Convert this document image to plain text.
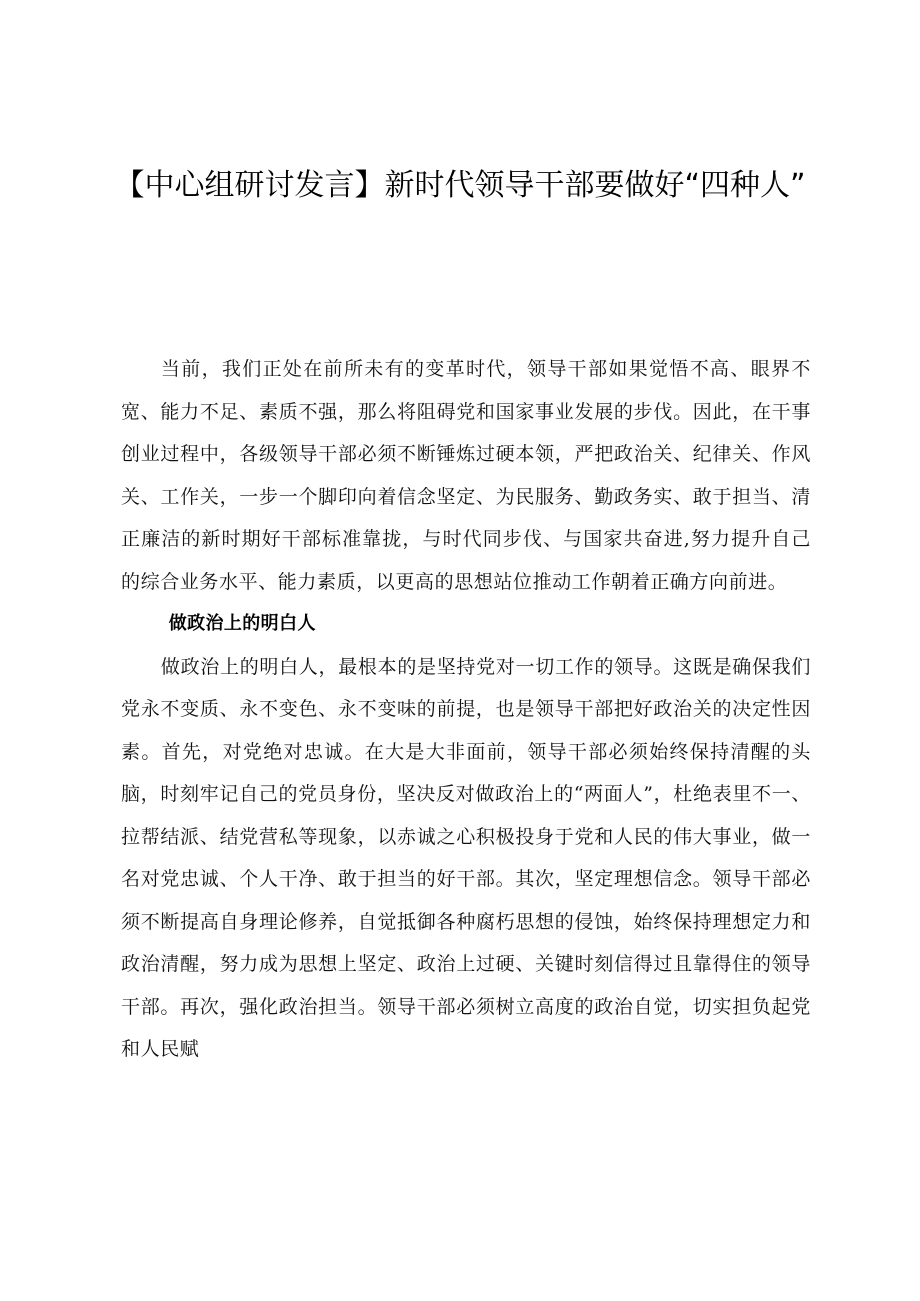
【中心组研讨发言】新时代领导干部要做好“四种人”

当前，我们正处在前所未有的变革时代，领导干部如果觉悟不高、眼界不宽、能力不足、素质不强，那么将阻碍党和国家事业发展的步伐。因此，在干事创业过程中，各级领导干部必须不断锤炼过硬本领，严把政治关、纪律关、作风关、工作关，一步一个脚印向着信念坚定、为民服务、勤政务实、敢于担当、清正廉洁的新时期好干部标准靠拢，与时代同步伐、与国家共奋进,努力提升自己的综合业务水平、能力素质，以更高的思想站位推动工作朝着正确方向前进。

做政治上的明白人

做政治上的明白人，最根本的是坚持党对一切工作的领导。这既是确保我们党永不变质、永不变色、永不变味的前提，也是领导干部把好政治关的决定性因素。首先，对党绝对忠诚。在大是大非面前，领导干部必须始终保持清醒的头脑，时刻牢记自己的党员身份，坚决反对做政治上的“两面人”，杜绝表里不一、拉帮结派、结党营私等现象，以赤诚之心积极投身于党和人民的伟大事业，做一名对党忠诚、个人干净、敢于担当的好干部。其次，坚定理想信念。领导干部必须不断提高自身理论修养，自觉抵御各种腐朽思想的侵蚀，始终保持理想定力和政治清醒，努力成为思想上坚定、政治上过硬、关键时刻信得过且靠得住的领导干部。再次，强化政治担当。领导干部必须树立高度的政治自觉，切实担负起党和人民赋
